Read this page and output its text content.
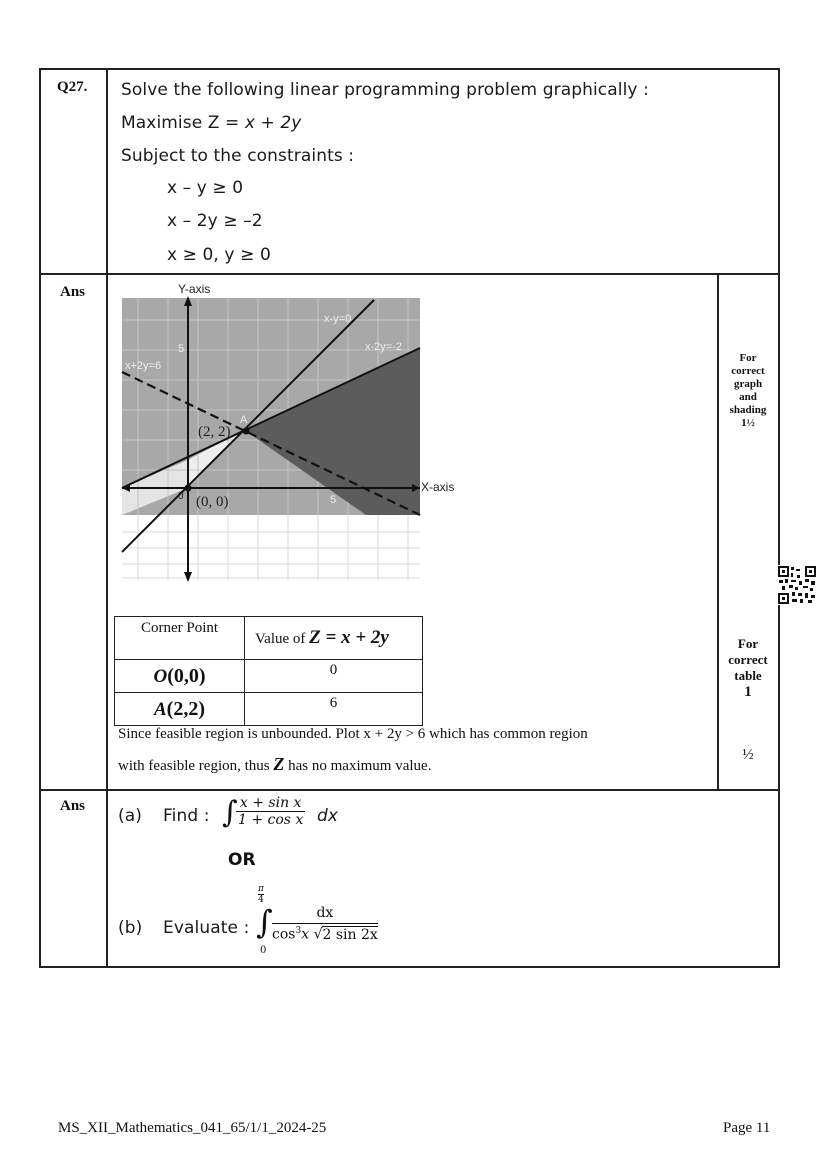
Q27. Solve the following linear programming problem graphically :
Maximise Z = x + 2y
Subject to the constraints :
x – y ≥ 0
x – 2y ≥ –2
x ≥ 0, y ≥ 0
Ans	Y-axis
X-axis
x-y=0
x-2y=-2
x+2y=6
5
5
A
(2, 2)
0 (0, 0)
Corner Point	Value of Z = x + 2y
O(0,0)	0
A(2,2)	6
Since feasible region is unbounded. Plot x + 2y > 6 which has common region
with feasible region, thus Z has no maximum value.
For
correct
graph
and
shading
1½
For
correct
table
1
½
Ans (a) Find : ∫
$\frac{\text{x + sin x}}{\text{1 + cos x}}$ dx
OR
(b) Evaluate :
$\frac{\pi}{4}$
∫
0
$\frac{dx}{\cos^3x √2 \sin 2x}$
MS_XII_Mathematics_041_65/1/1_2024-25	Page 11
